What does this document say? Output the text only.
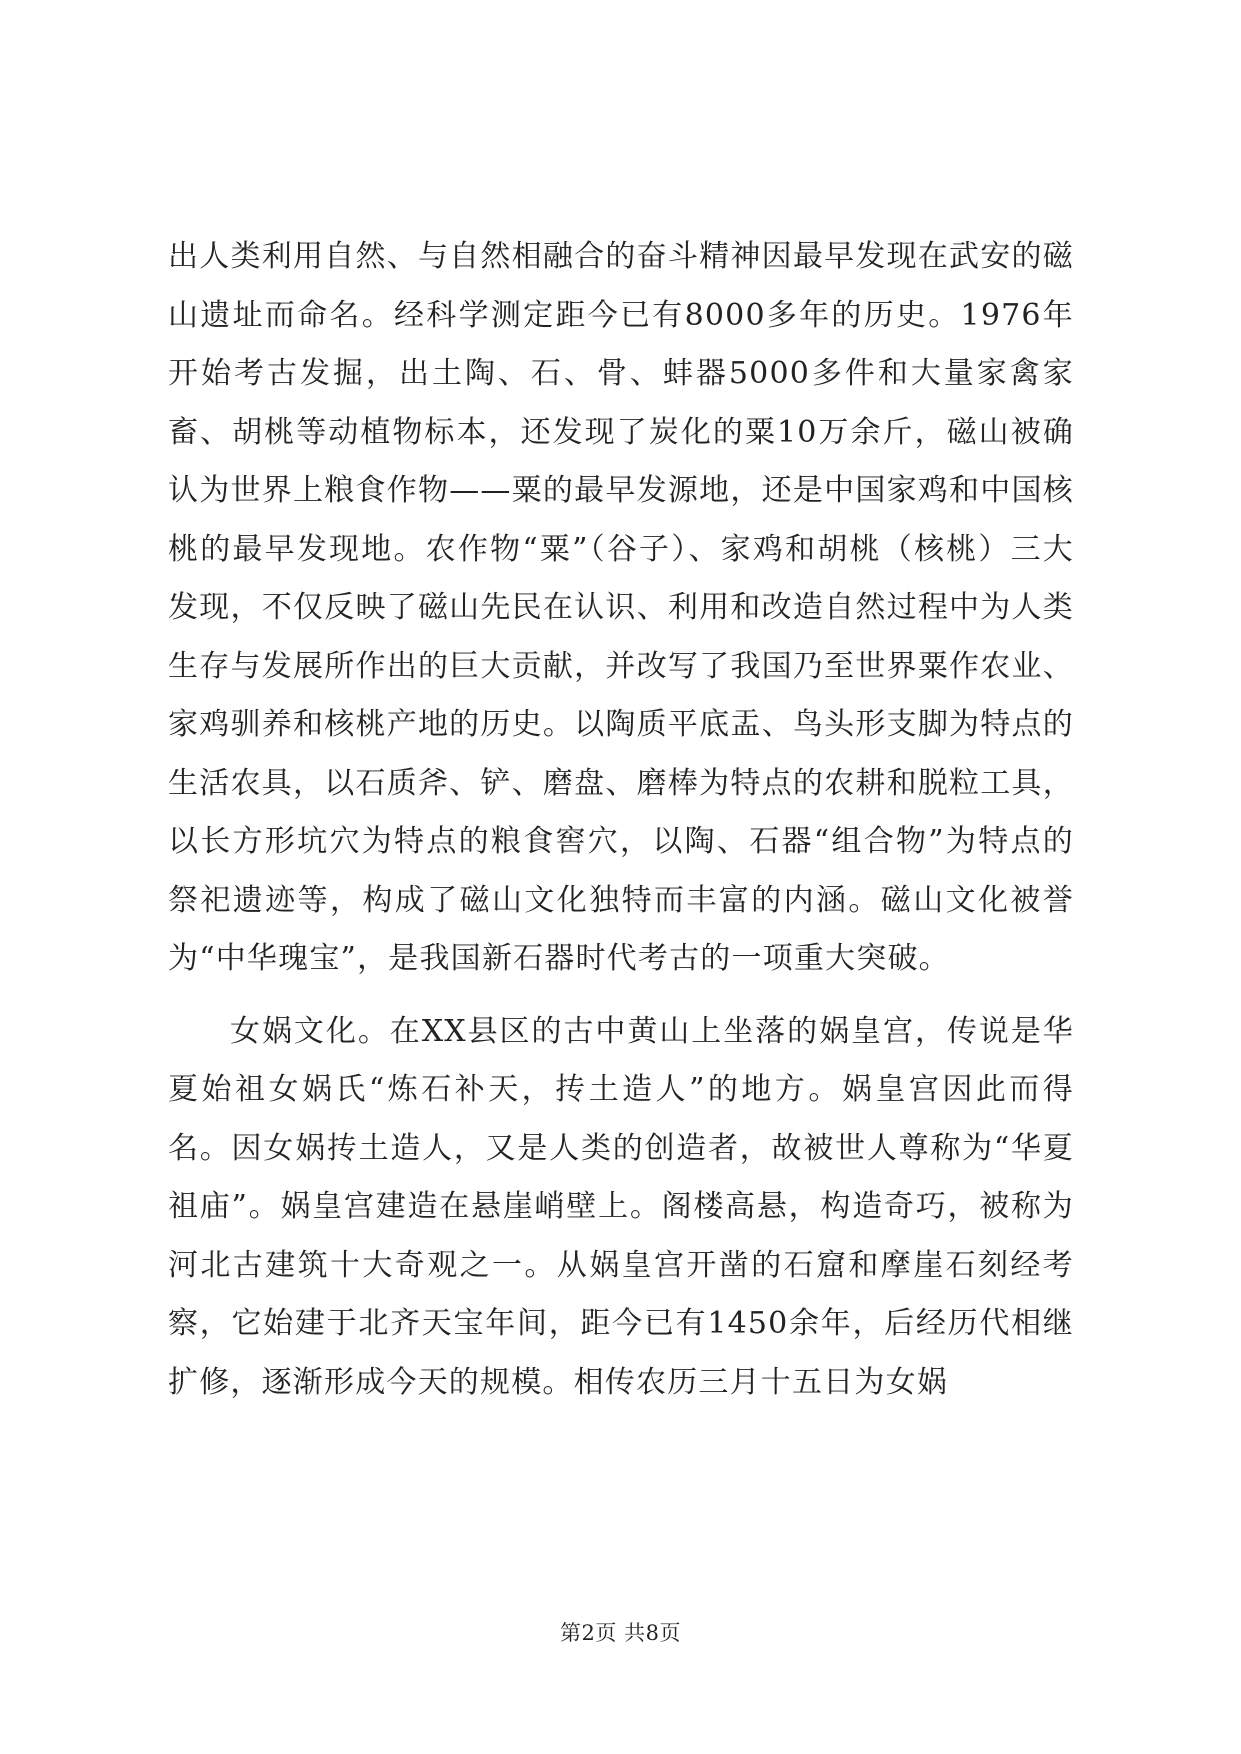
出人类利用自然、与自然相融合的奋斗精神因最早发现在武安的磁山遗址而命名。经科学测定距今已有8000多年的历史。1976年开始考古发掘，出土陶、石、骨、蚌器5000多件和大量家禽家畜、胡桃等动植物标本，还发现了炭化的粟10万余斤，磁山被确认为世界上粮食作物——粟的最早发源地，还是中国家鸡和中国核桃的最早发现地。农作物“粟”（谷子）、家鸡和胡桃（核桃）三大发现，不仅反映了磁山先民在认识、利用和改造自然过程中为人类生存与发展所作出的巨大贡献，并改写了我国乃至世界粟作农业、家鸡驯养和核桃产地的历史。以陶质平底盂、鸟头形支脚为特点的生活农具，以石质斧、铲、磨盘、磨棒为特点的农耕和脱粒工具，以长方形坑穴为特点的粮食窖穴，以陶、石器“组合物”为特点的祭祀遗迹等，构成了磁山文化独特而丰富的内涵。磁山文化被誉为“中华瑰宝”，是我国新石器时代考古的一项重大突破。

女娲文化。在XX县区的古中黄山上坐落的娲皇宫，传说是华夏始祖女娲氏“炼石补天，抟土造人”的地方。娲皇宫因此而得名。因女娲抟土造人，又是人类的创造者，故被世人尊称为“华夏祖庙”。娲皇宫建造在悬崖峭壁上。阁楼高悬，构造奇巧，被称为河北古建筑十大奇观之一。从娲皇宫开凿的石窟和摩崖石刻经考察，它始建于北齐天宝年间，距今已有1450余年，后经历代相继扩修，逐渐形成今天的规模。相传农历三月十五日为女娲

第2页 共8页
